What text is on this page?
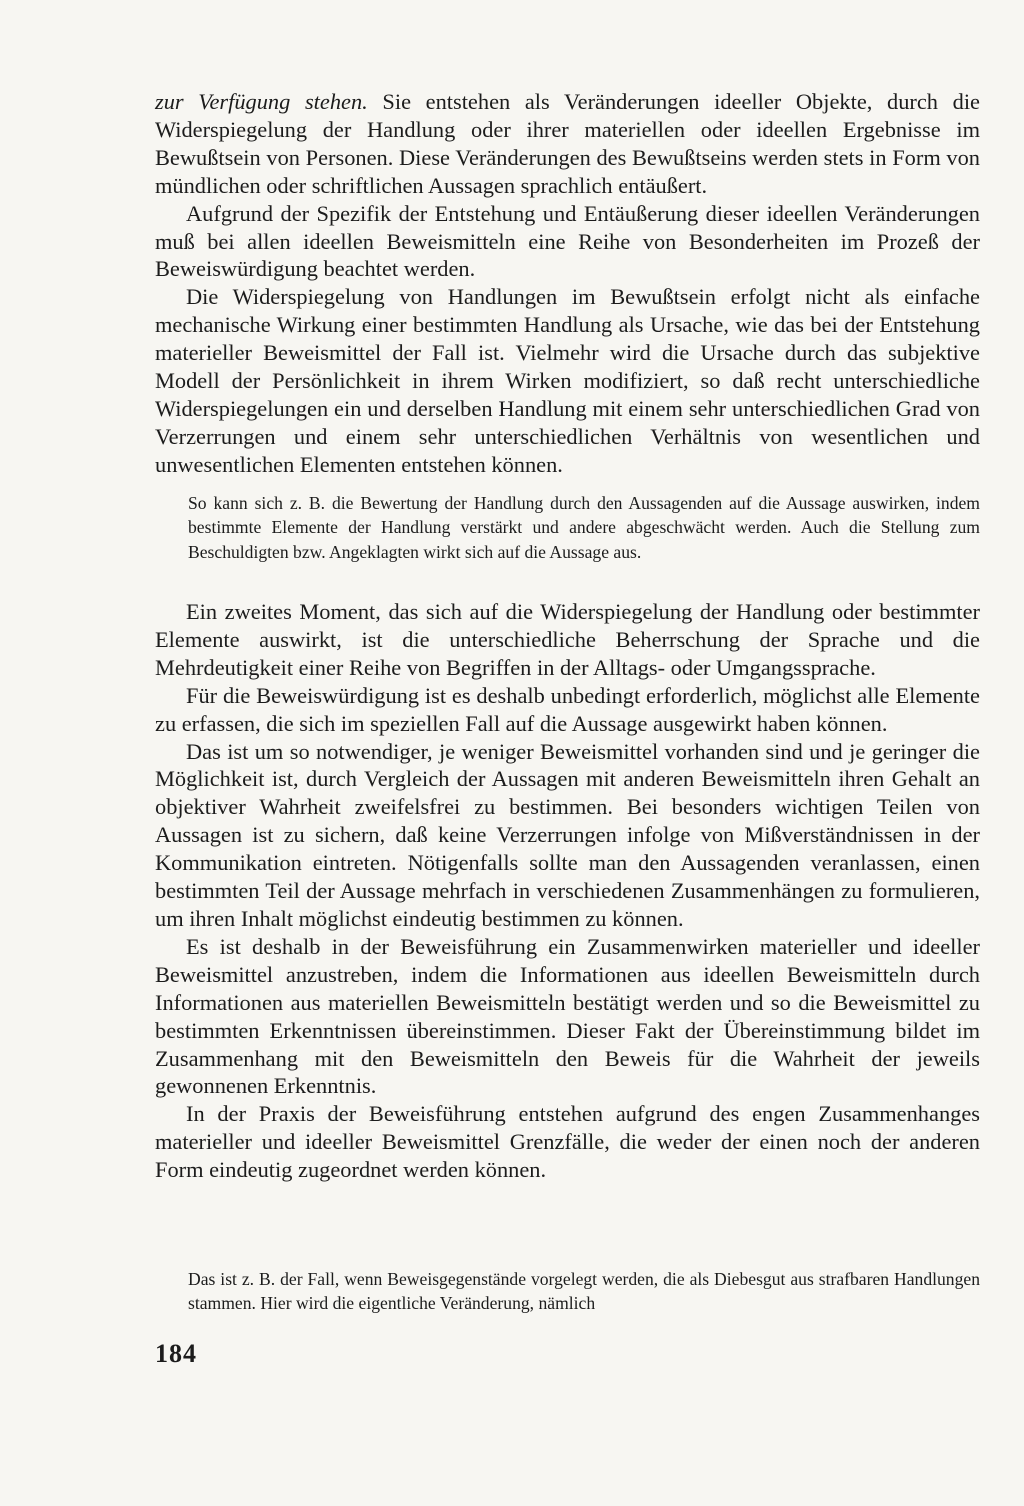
zur Verfügung stehen. Sie entstehen als Veränderungen ideeller Objekte, durch die Widerspiegelung der Handlung oder ihrer materiellen oder ideellen Ergebnisse im Bewußtsein von Personen. Diese Veränderungen des Bewußtseins werden stets in Form von mündlichen oder schriftlichen Aussagen sprachlich entäußert.

Aufgrund der Spezifik der Entstehung und Entäußerung dieser ideellen Veränderungen muß bei allen ideellen Beweismitteln eine Reihe von Besonderheiten im Prozeß der Beweiswürdigung beachtet werden.

Die Widerspiegelung von Handlungen im Bewußtsein erfolgt nicht als einfache mechanische Wirkung einer bestimmten Handlung als Ursache, wie das bei der Entstehung materieller Beweismittel der Fall ist. Vielmehr wird die Ursache durch das subjektive Modell der Persönlichkeit in ihrem Wirken modifiziert, so daß recht unterschiedliche Widerspiegelungen ein und derselben Handlung mit einem sehr unterschiedlichen Grad von Verzerrungen und einem sehr unterschiedlichen Verhältnis von wesentlichen und unwesentlichen Elementen entstehen können.

So kann sich z. B. die Bewertung der Handlung durch den Aussagenden auf die Aussage auswirken, indem bestimmte Elemente der Handlung verstärkt und andere abgeschwächt werden. Auch die Stellung zum Beschuldigten bzw. Angeklagten wirkt sich auf die Aussage aus.

Ein zweites Moment, das sich auf die Widerspiegelung der Handlung oder bestimmter Elemente auswirkt, ist die unterschiedliche Beherrschung der Sprache und die Mehrdeutigkeit einer Reihe von Begriffen in der Alltags- oder Umgangssprache.

Für die Beweiswürdigung ist es deshalb unbedingt erforderlich, möglichst alle Elemente zu erfassen, die sich im speziellen Fall auf die Aussage ausgewirkt haben können.

Das ist um so notwendiger, je weniger Beweismittel vorhanden sind und je geringer die Möglichkeit ist, durch Vergleich der Aussagen mit anderen Beweismitteln ihren Gehalt an objektiver Wahrheit zweifelsfrei zu bestimmen. Bei besonders wichtigen Teilen von Aussagen ist zu sichern, daß keine Verzerrungen infolge von Mißverständnissen in der Kommunikation eintreten. Nötigenfalls sollte man den Aussagenden veranlassen, einen bestimmten Teil der Aussage mehrfach in verschiedenen Zusammenhängen zu formulieren, um ihren Inhalt möglichst eindeutig bestimmen zu können.

Es ist deshalb in der Beweisführung ein Zusammenwirken materieller und ideeller Beweismittel anzustreben, indem die Informationen aus ideellen Beweismitteln durch Informationen aus materiellen Beweismitteln bestätigt werden und so die Beweismittel zu bestimmten Erkenntnissen übereinstimmen. Dieser Fakt der Übereinstimmung bildet im Zusammenhang mit den Beweismitteln den Beweis für die Wahrheit der jeweils gewonnenen Erkenntnis.

In der Praxis der Beweisführung entstehen aufgrund des engen Zusammenhanges materieller und ideeller Beweismittel Grenzfälle, die weder der einen noch der anderen Form eindeutig zugeordnet werden können.

Das ist z. B. der Fall, wenn Beweisgegenstände vorgelegt werden, die als Diebesgut aus strafbaren Handlungen stammen. Hier wird die eigentliche Veränderung, nämlich

184
